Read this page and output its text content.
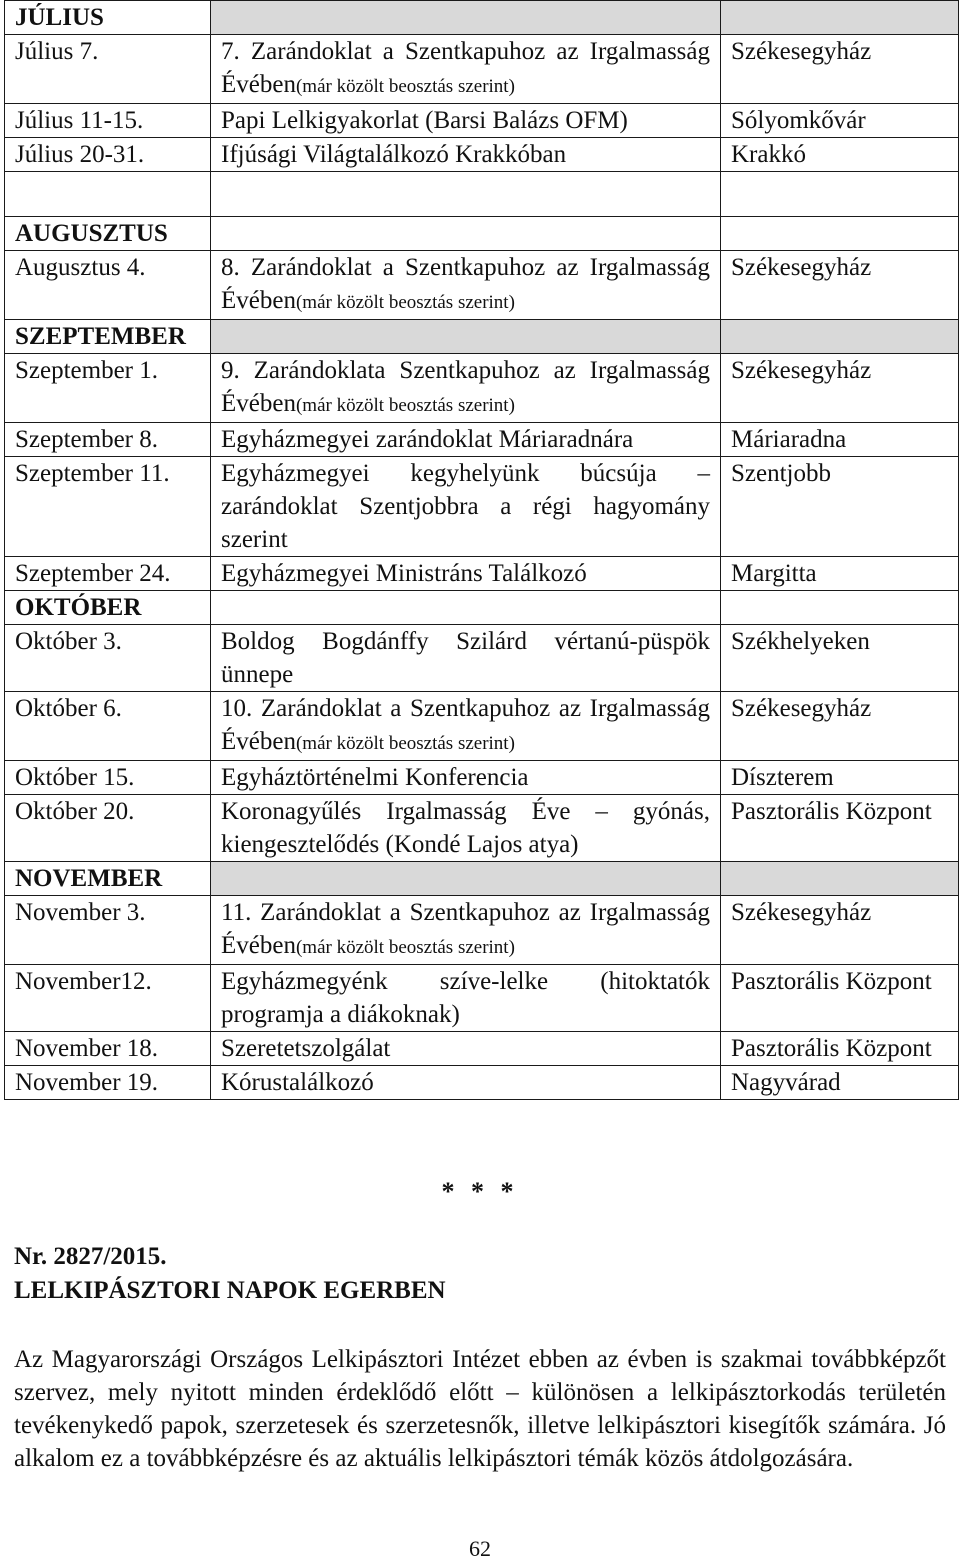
JÚLIUS		
Július 7.	7. Zarándoklat a Szentkapuhoz az Irgalmasság Évében(már közölt beosztás szerint)	Székesegyház
Július 11-15.	Papi Lelkigyakorlat (Barsi Balázs OFM)	Sólyomkővár
Július 20-31.	Ifjúsági Világtalálkozó Krakkóban	Krakkó

AUGUSZTUS		
Augusztus 4.	8. Zarándoklat a Szentkapuhoz az Irgalmasság Évében(már közölt beosztás szerint)	Székesegyház
SZEPTEMBER		
Szeptember 1.	9. Zarándoklata Szentkapuhoz az Irgalmasság Évében(már közölt beosztás szerint)	Székesegyház
Szeptember 8.	Egyházmegyei zarándoklat Máriaradnára	Máriaradna
Szeptember 11.	Egyházmegyei kegyhelyünk búcsúja – zarándoklat Szentjobbra a régi hagyomány szerint	Szentjobb
Szeptember 24.	Egyházmegyei Ministráns Találkozó	Margitta
OKTÓBER		
Október 3.	Boldog Bogdánffy Szilárd vértanú-püspök ünnepe	Székhelyeken
Október 6.	10. Zarándoklat a Szentkapuhoz az Irgalmasság Évében(már közölt beosztás szerint)	Székesegyház
Október 15.	Egyháztörténelmi Konferencia	Díszterem
Október 20.	Koronagyűlés Irgalmasság Éve – gyónás, kiengesztelődés (Kondé Lajos atya)	Pasztorális Központ
NOVEMBER		
November 3.	11. Zarándoklat a Szentkapuhoz az Irgalmasság Évében(már közölt beosztás szerint)	Székesegyház
November12.	Egyházmegyénk szíve-lelke (hitoktatók programja a diákoknak)	Pasztorális Központ
November 18.	Szeretetszolgálat	Pasztorális Központ
November 19.	Kórustalálkozó	Nagyvárad
* * *
Nr. 2827/2015.
LELKIPÁSZTORI NAPOK EGERBEN

Az Magyarországi Országos Lelkipásztori Intézet ebben az évben is szakmai továbbképzőt szervez, mely nyitott minden érdeklődő előtt – különösen a lelkipásztorkodás területén tevékenykedő papok, szerzetesek és szerzetesnők, illetve lelkipásztori kisegítők számára. Jó alkalom ez a továbbképzésre és az aktuális lelkipásztori témák közös átdolgozására.

62
